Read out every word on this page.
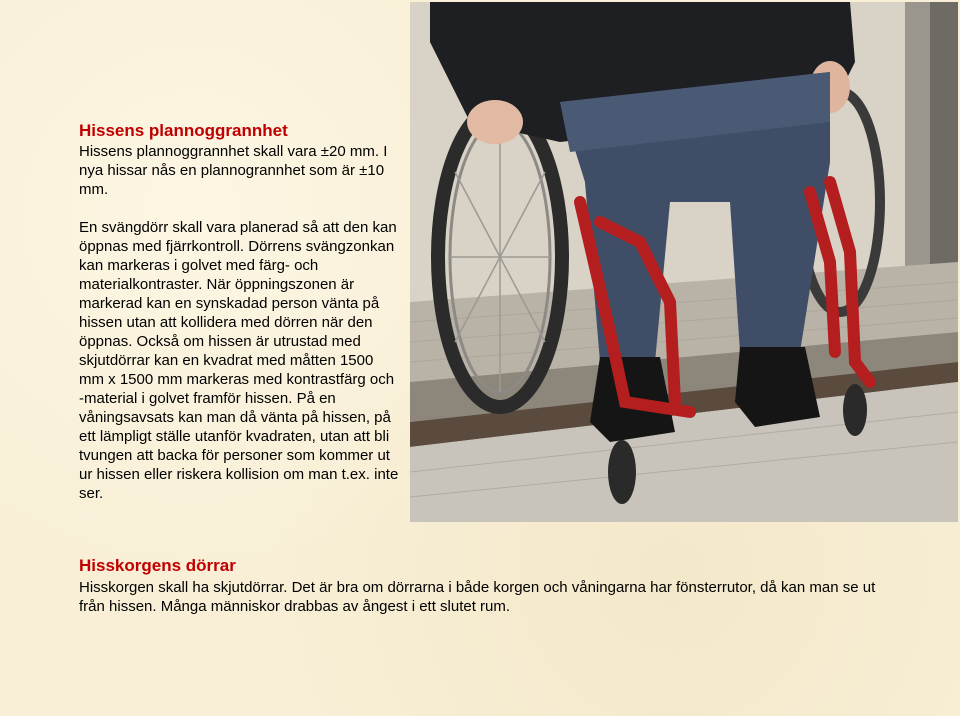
Hissens plannoggrannhet

Hissens plannoggrannhet skall vara ±20 mm. I nya hissar nås en plannogrannhet som är ±10 mm.

En svängdörr skall vara planerad så att den kan öppnas med fjärrkontroll. Dörrens svängzonkan kan markeras i golvet med färg- och materialkontraster. När öppningszonen är markerad kan en synskadad person vänta på hissen utan att kollidera med dörren när den öppnas. Också om hissen är utrustad med skjutdörrar kan en kvadrat med måtten 1500 mm x 1500 mm markeras med kontrastfärg och -material i golvet framför hissen. På en våningsavsats kan man då vänta på hissen, på ett lämpligt ställe utanför kvadraten, utan att bli tvungen att backa för personer som kommer ut ur hissen eller riskera kollision om man t.ex. inte ser.

Hisskorgens dörrar

Hisskorgen skall ha skjutdörrar. Det är bra om dörrarna i både korgen och våningarna har fönsterrutor, då kan man se ut från hissen. Många människor drabbas av ångest i ett slutet rum.
